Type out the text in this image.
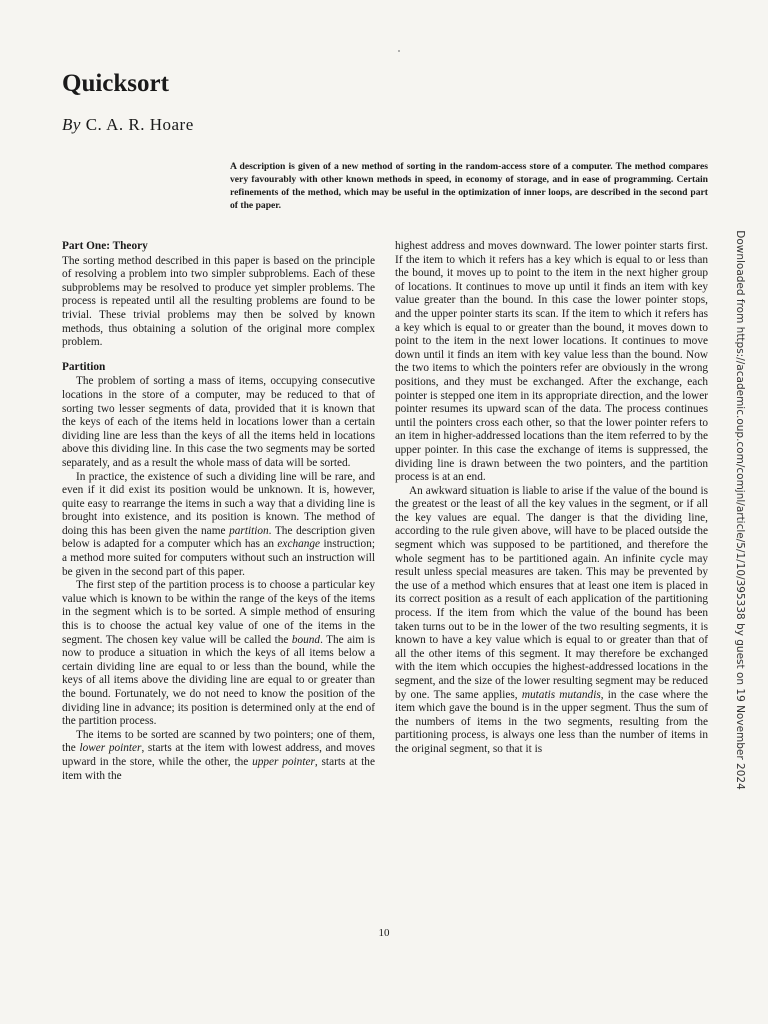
Quicksort
By C. A. R. Hoare
A description is given of a new method of sorting in the random-access store of a computer. The method compares very favourably with other known methods in speed, in economy of storage, and in ease of programming. Certain refinements of the method, which may be useful in the optimization of inner loops, are described in the second part of the paper.
Part One: Theory

The sorting method described in this paper is based on the principle of resolving a problem into two simpler subproblems. Each of these subproblems may be resolved to produce yet simpler problems. The process is repeated until all the resulting problems are found to be trivial. These trivial problems may then be solved by known methods, thus obtaining a solution of the original more complex problem.

Partition

The problem of sorting a mass of items, occupying consecutive locations in the store of a computer, may be reduced to that of sorting two lesser segments of data, provided that it is known that the keys of each of the items held in locations lower than a certain dividing line are less than the keys of all the items held in locations above this dividing line. In this case the two segments may be sorted separately, and as a result the whole mass of data will be sorted.

In practice, the existence of such a dividing line will be rare, and even if it did exist its position would be unknown. It is, however, quite easy to rearrange the items in such a way that a dividing line is brought into existence, and its position is known. The method of doing this has been given the name partition. The description given below is adapted for a computer which has an exchange instruction; a method more suited for computers without such an instruction will be given in the second part of this paper.

The first step of the partition process is to choose a particular key value which is known to be within the range of the keys of the items in the segment which is to be sorted. A simple method of ensuring this is to choose the actual key value of one of the items in the segment. The chosen key value will be called the bound. The aim is now to produce a situation in which the keys of all items below a certain dividing line are equal to or less than the bound, while the keys of all items above the dividing line are equal to or greater than the bound. Fortunately, we do not need to know the position of the dividing line in advance; its position is determined only at the end of the partition process.

The items to be sorted are scanned by two pointers; one of them, the lower pointer, starts at the item with lowest address, and moves upward in the store, while the other, the upper pointer, starts at the item with the

highest address and moves downward. The lower pointer starts first. If the item to which it refers has a key which is equal to or less than the bound, it moves up to point to the item in the next higher group of locations. It continues to move up until it finds an item with key value greater than the bound. In this case the lower pointer stops, and the upper pointer starts its scan. If the item to which it refers has a key which is equal to or greater than the bound, it moves down to point to the item in the next lower locations. It continues to move down until it finds an item with key value less than the bound. Now the two items to which the pointers refer are obviously in the wrong positions, and they must be exchanged. After the exchange, each pointer is stepped one item in its appropriate direction, and the lower pointer resumes its upward scan of the data. The process continues until the pointers cross each other, so that the lower pointer refers to an item in higher-addressed locations than the item referred to by the upper pointer. In this case the exchange of items is suppressed, the dividing line is drawn between the two pointers, and the partition process is at an end.

An awkward situation is liable to arise if the value of the bound is the greatest or the least of all the key values in the segment, or if all the key values are equal. The danger is that the dividing line, according to the rule given above, will have to be placed outside the segment which was supposed to be partitioned, and therefore the whole segment has to be partitioned again. An infinite cycle may result unless special measures are taken. This may be prevented by the use of a method which ensures that at least one item is placed in its correct position as a result of each application of the partitioning process. If the item from which the value of the bound has been taken turns out to be in the lower of the two resulting segments, it is known to have a key value which is equal to or greater than that of all the other items of this segment. It may therefore be exchanged with the item which occupies the highest-addressed locations in the segment, and the size of the lower resulting segment may be reduced by one. The same applies, mutatis mutandis, in the case where the item which gave the bound is in the upper segment. Thus the sum of the numbers of items in the two segments, resulting from the partitioning process, is always one less than the number of items in the original segment, so that it is

10
Downloaded from https://academic.oup.com/comjnl/article/5/1/10/395338 by guest on 19 November 2024
